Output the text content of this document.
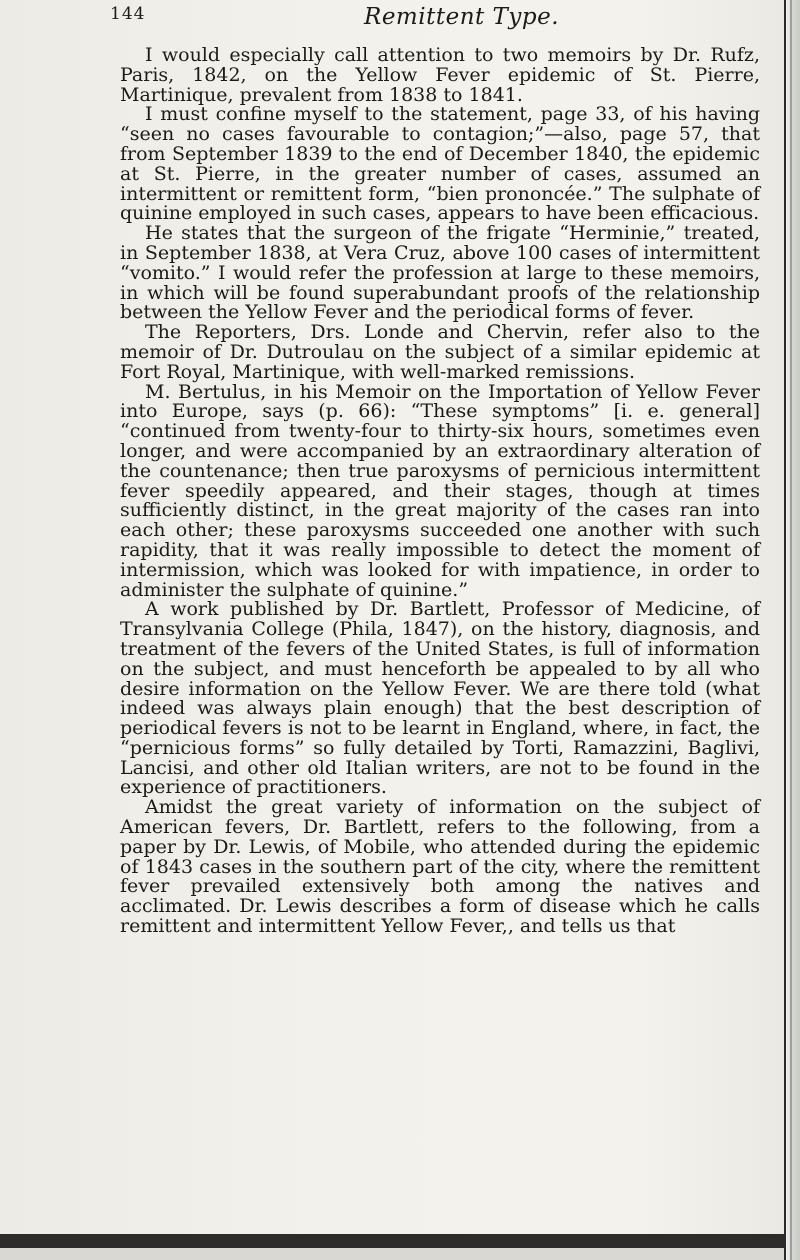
144	Remittent Type.

I would especially call attention to two memoirs by Dr. Rufz, Paris, 1842, on the Yellow Fever epidemic of St. Pierre, Martinique, prevalent from 1838 to 1841.

I must confine myself to the statement, page 33, of his having “seen no cases favourable to contagion;”—also, page 57, that from September 1839 to the end of December 1840, the epidemic at St. Pierre, in the greater number of cases, assumed an intermittent or remittent form, “bien prononcée.” The sulphate of quinine employed in such cases, appears to have been efficacious.

He states that the surgeon of the frigate “Herminie,” treated, in September 1838, at Vera Cruz, above 100 cases of intermittent “vomito.” I would refer the profession at large to these memoirs, in which will be found superabundant proofs of the relationship between the Yellow Fever and the periodical forms of fever.

The Reporters, Drs. Londe and Chervin, refer also to the memoir of Dr. Dutroulau on the subject of a similar epidemic at Fort Royal, Martinique, with well-marked remissions.

M. Bertulus, in his Memoir on the Importation of Yellow Fever into Europe, says (p. 66): “These symptoms” [i. e. general] “continued from twenty-four to thirty-six hours, sometimes even longer, and were accompanied by an extraordinary alteration of the countenance; then true paroxysms of pernicious intermittent fever speedily appeared, and their stages, though at times sufficiently distinct, in the great majority of the cases ran into each other; these paroxysms succeeded one another with such rapidity, that it was really impossible to detect the moment of intermission, which was looked for with impatience, in order to administer the sulphate of quinine.”

A work published by Dr. Bartlett, Professor of Medicine, of Transylvania College (Phila, 1847), on the history, diagnosis, and treatment of the fevers of the United States, is full of information on the subject, and must henceforth be appealed to by all who desire information on the Yellow Fever. We are there told (what indeed was always plain enough) that the best description of periodical fevers is not to be learnt in England, where, in fact, the “pernicious forms” so fully detailed by Torti, Ramazzini, Baglivi, Lancisi, and other old Italian writers, are not to be found in the experience of practitioners.

Amidst the great variety of information on the subject of American fevers, Dr. Bartlett, refers to the following, from a paper by Dr. Lewis, of Mobile, who attended during the epidemic of 1843 cases in the southern part of the city, where the remittent fever prevailed extensively both among the natives and acclimated. Dr. Lewis describes a form of disease which he calls remittent and intermittent Yellow Fever,, and tells us that
